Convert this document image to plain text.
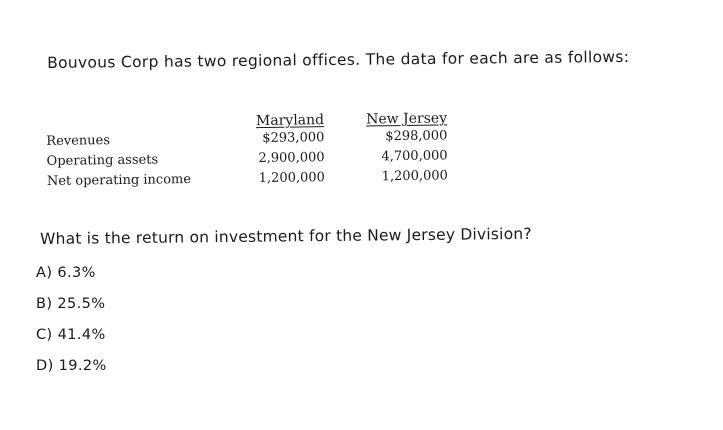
Bouvous Corp has two regional offices. The data for each are as follows:

Revenues
Operating assets
Net operating income
Maryland
$293,000
2,900,000
1,200,000
New Jersey
$298,000
4,700,000
1,200,000

What is the return on investment for the New Jersey Division?

A) 6.3%
B) 25.5%
C) 41.4%
D) 19.2%
